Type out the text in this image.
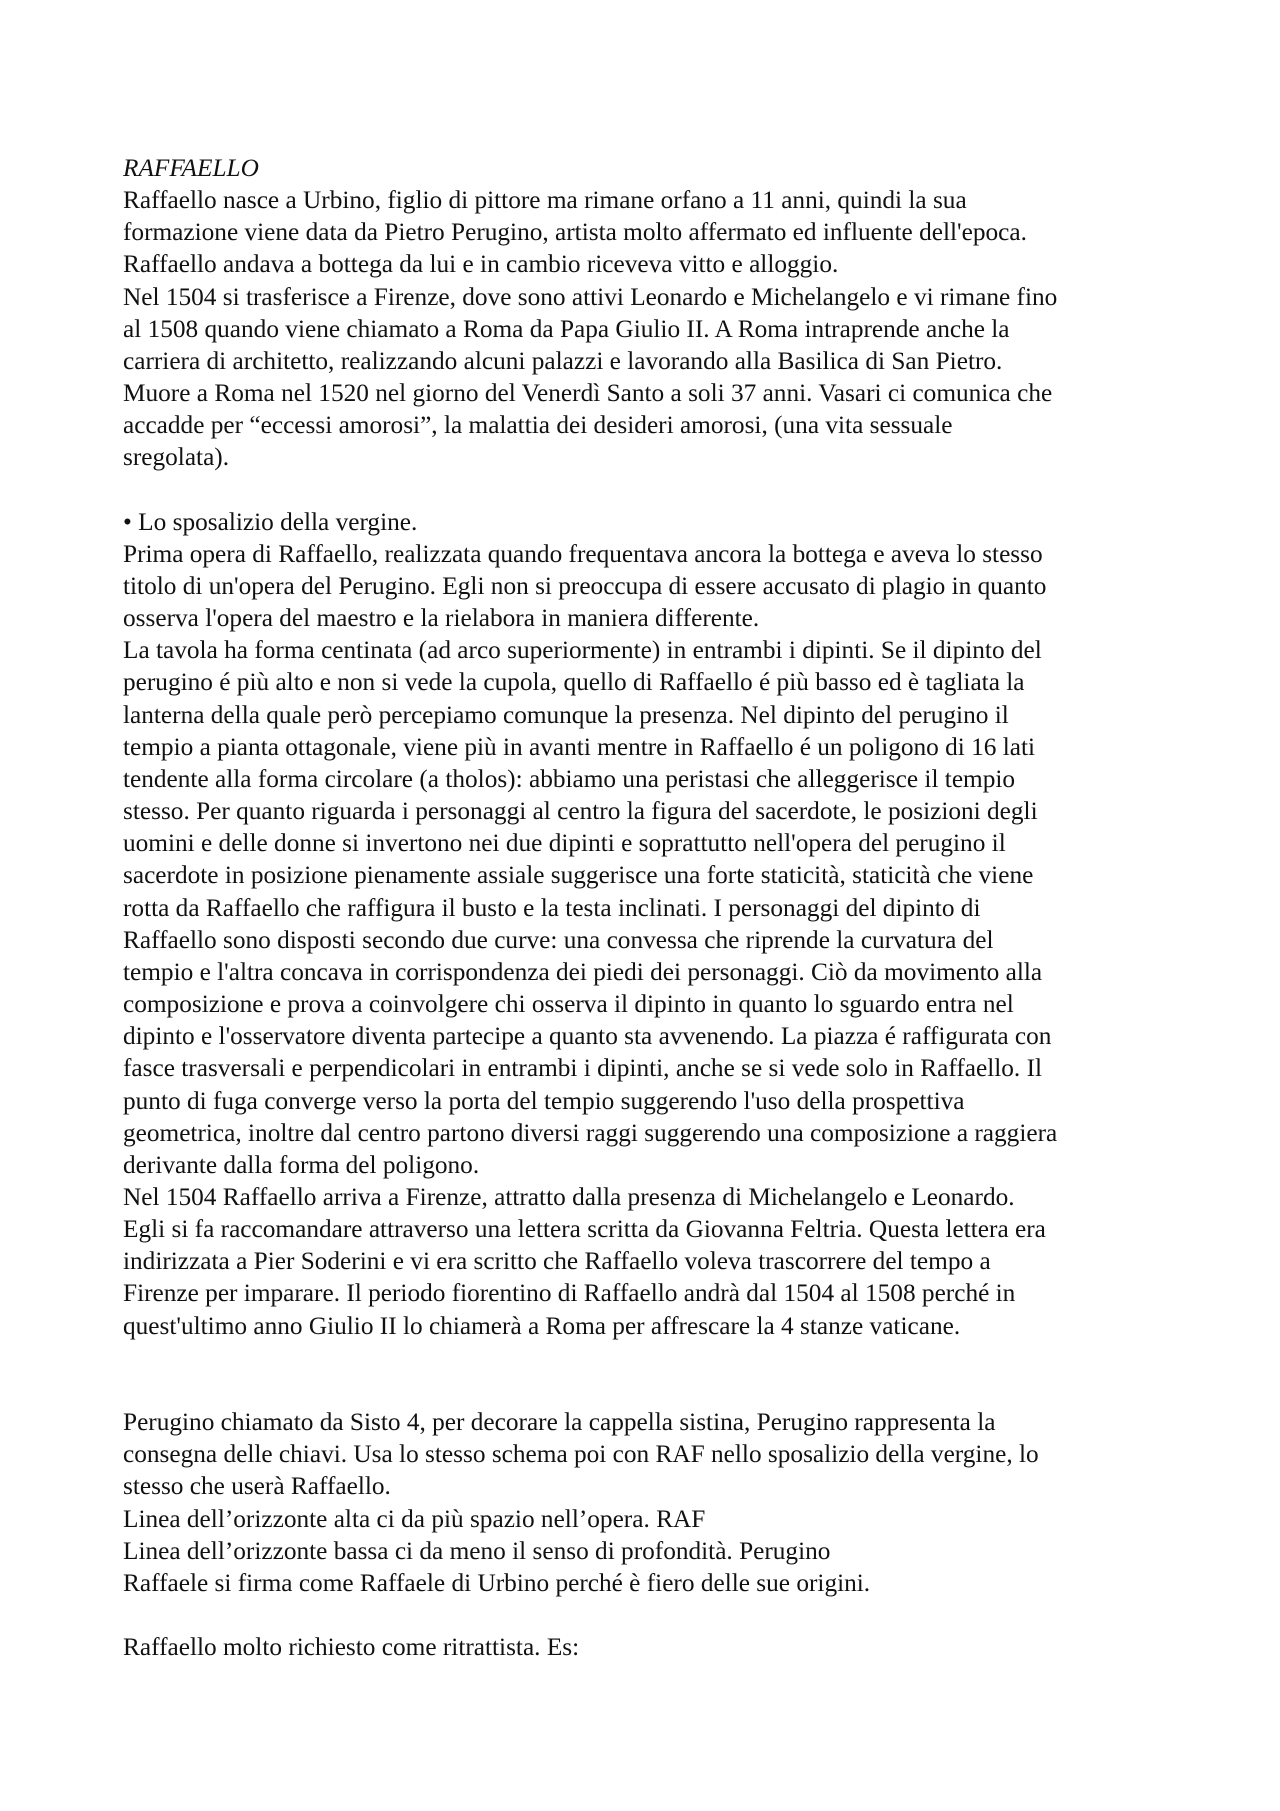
RAFFAELLO
Raffaello nasce a Urbino, figlio di pittore ma rimane orfano a 11 anni, quindi la sua
formazione viene data da Pietro Perugino, artista molto affermato ed influente dell'epoca.
Raffaello andava a bottega da lui e in cambio riceveva vitto e alloggio.
Nel 1504 si trasferisce a Firenze, dove sono attivi Leonardo e Michelangelo e vi rimane fino
al 1508 quando viene chiamato a Roma da Papa Giulio II. A Roma intraprende anche la
carriera di architetto, realizzando alcuni palazzi e lavorando alla Basilica di San Pietro.
Muore a Roma nel 1520 nel giorno del Venerdì Santo a soli 37 anni. Vasari ci comunica che
accadde per “eccessi amorosi”, la malattia dei desideri amorosi, (una vita sessuale
sregolata).
• Lo sposalizio della vergine.
Prima opera di Raffaello, realizzata quando frequentava ancora la bottega e aveva lo stesso
titolo di un'opera del Perugino. Egli non si preoccupa di essere accusato di plagio in quanto
osserva l'opera del maestro e la rielabora in maniera differente.
La tavola ha forma centinata (ad arco superiormente) in entrambi i dipinti. Se il dipinto del
perugino é più alto e non si vede la cupola, quello di Raffaello é più basso ed è tagliata la
lanterna della quale però percepiamo comunque la presenza. Nel dipinto del perugino il
tempio a pianta ottagonale, viene più in avanti mentre in Raffaello é un poligono di 16 lati
tendente alla forma circolare (a tholos): abbiamo una peristasi che alleggerisce il tempio
stesso. Per quanto riguarda i personaggi al centro la figura del sacerdote, le posizioni degli
uomini e delle donne si invertono nei due dipinti e soprattutto nell'opera del perugino il
sacerdote in posizione pienamente assiale suggerisce una forte staticità, staticità che viene
rotta da Raffaello che raffigura il busto e la testa inclinati. I personaggi del dipinto di
Raffaello sono disposti secondo due curve: una convessa che riprende la curvatura del
tempio e l'altra concava in corrispondenza dei piedi dei personaggi. Ciò da movimento alla
composizione e prova a coinvolgere chi osserva il dipinto in quanto lo sguardo entra nel
dipinto e l'osservatore diventa partecipe a quanto sta avvenendo. La piazza é raffigurata con
fasce trasversali e perpendicolari in entrambi i dipinti, anche se si vede solo in Raffaello. Il
punto di fuga converge verso la porta del tempio suggerendo l'uso della prospettiva
geometrica, inoltre dal centro partono diversi raggi suggerendo una composizione a raggiera
derivante dalla forma del poligono.
Nel 1504 Raffaello arriva a Firenze, attratto dalla presenza di Michelangelo e Leonardo.
Egli si fa raccomandare attraverso una lettera scritta da Giovanna Feltria. Questa lettera era
indirizzata a Pier Soderini e vi era scritto che Raffaello voleva trascorrere del tempo a
Firenze per imparare. Il periodo fiorentino di Raffaello andrà dal 1504 al 1508 perché in
quest'ultimo anno Giulio II lo chiamerà a Roma per affrescare la 4 stanze vaticane.
Perugino chiamato da Sisto 4, per decorare la cappella sistina, Perugino rappresenta la
consegna delle chiavi. Usa lo stesso schema poi con RAF nello sposalizio della vergine, lo
stesso che userà Raffaello.
Linea dell’orizzonte alta ci da più spazio nell’opera. RAF
Linea dell’orizzonte bassa ci da meno il senso di profondità. Perugino
Raffaele si firma come Raffaele di Urbino perché è fiero delle sue origini.
Raffaello molto richiesto come ritrattista. Es:
